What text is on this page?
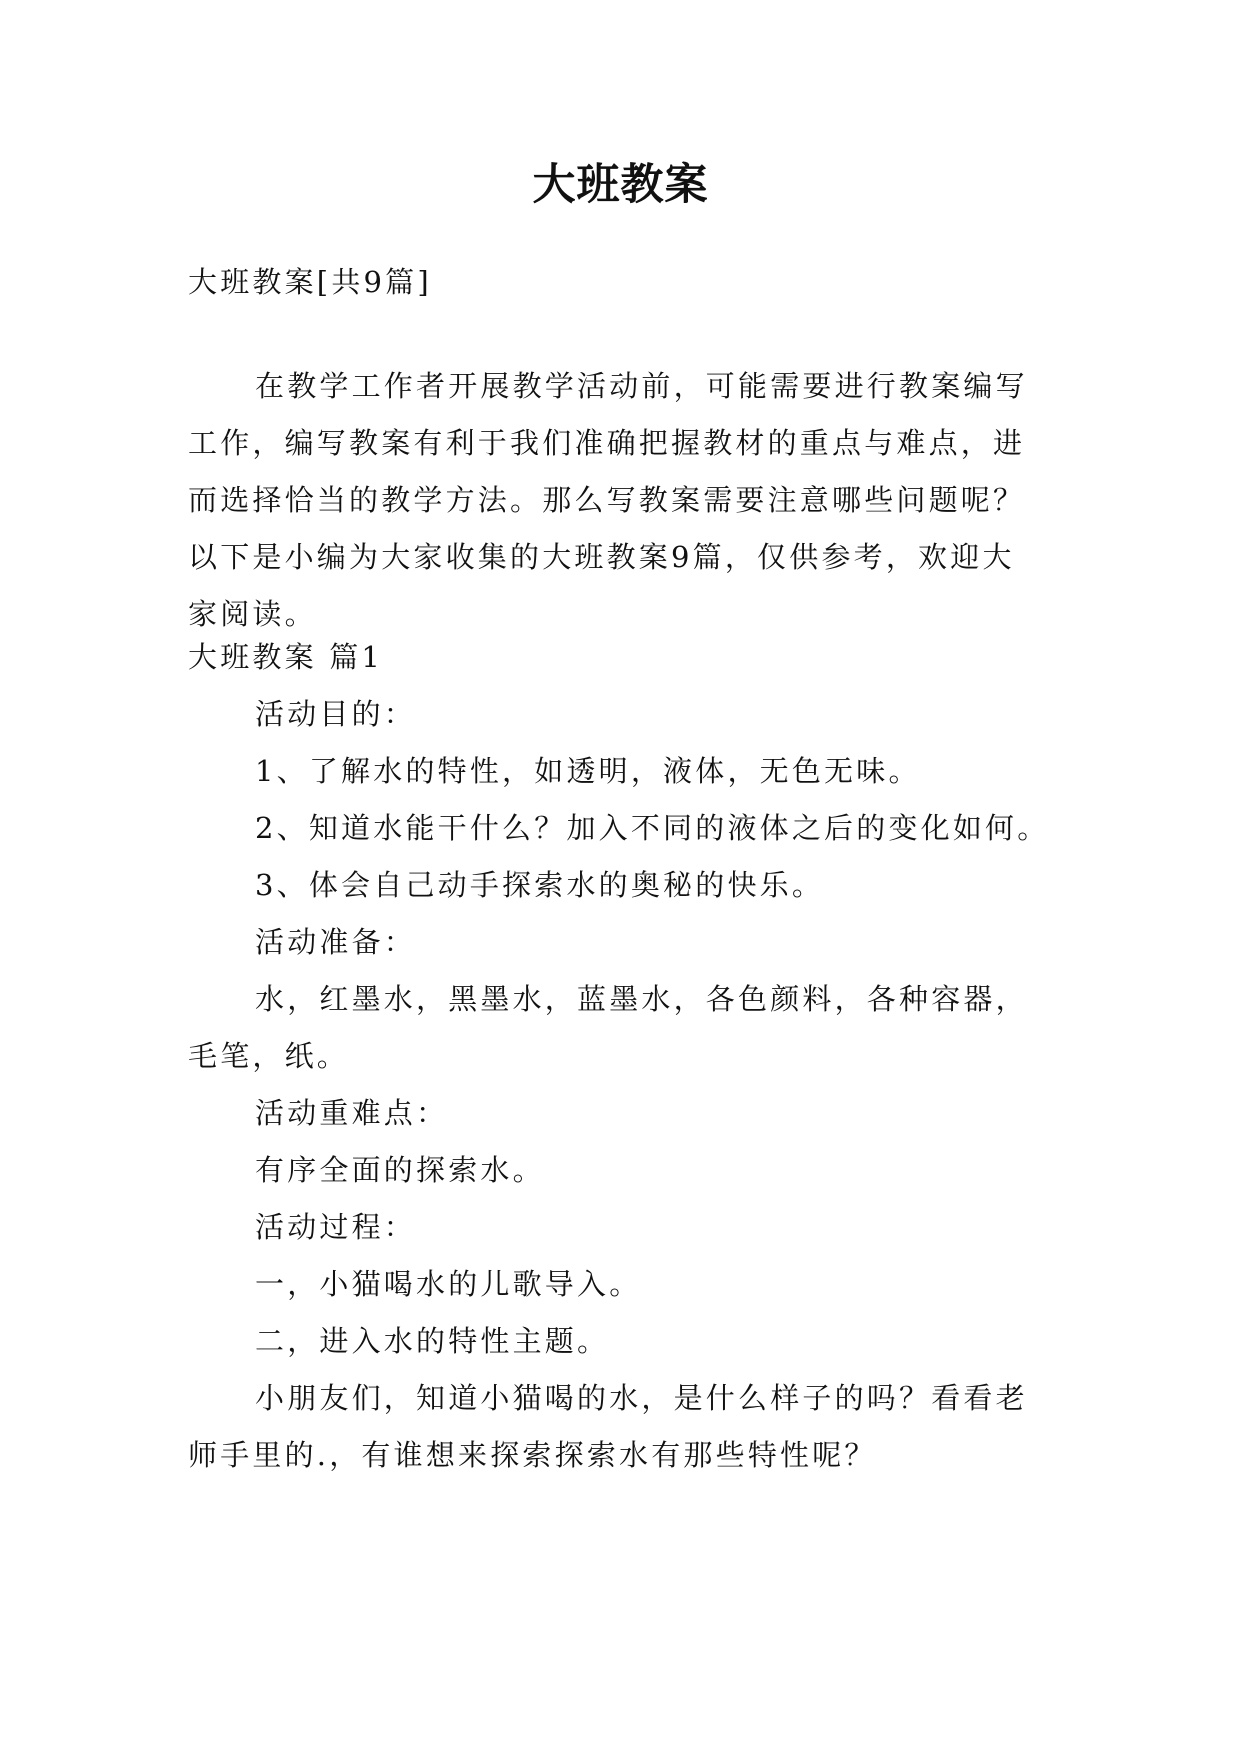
大班教案
大班教案[共9篇]
在教学工作者开展教学活动前，可能需要进行教案编写
工作，编写教案有利于我们准确把握教材的重点与难点，进
而选择恰当的教学方法。那么写教案需要注意哪些问题呢？
以下是小编为大家收集的大班教案9篇，仅供参考，欢迎大
家阅读。
大班教案 篇1
活动目的：
1、了解水的特性，如透明，液体，无色无味。
2、知道水能干什么？加入不同的液体之后的变化如何。
3、体会自己动手探索水的奥秘的快乐。
活动准备：
水，红墨水，黑墨水，蓝墨水，各色颜料，各种容器，
毛笔，纸。
活动重难点：
有序全面的探索水。
活动过程：
一，小猫喝水的儿歌导入。
二，进入水的特性主题。
小朋友们，知道小猫喝的水，是什么样子的吗？看看老
师手里的.，有谁想来探索探索水有那些特性呢？
